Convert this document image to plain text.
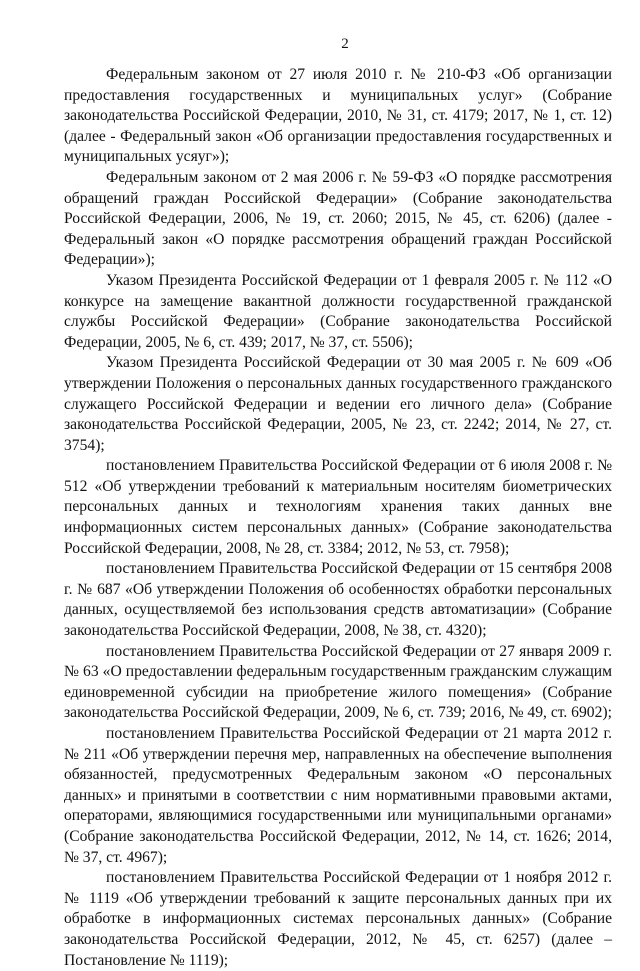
2

Федеральным законом от 27 июля 2010 г. № 210-ФЗ «Об организации предоставления государственных и муниципальных услуг» (Собрание законодательства Российской Федерации, 2010, № 31, ст. 4179; 2017, № 1, ст. 12) (далее - Федеральный закон «Об организации предоставления государственных и муниципальных усяуг»);

Федеральным законом от 2 мая 2006 г. № 59-ФЗ «О порядке рассмотрения обращений граждан Российской Федерации» (Собрание законодательства Российской Федерации, 2006, № 19, ст. 2060; 2015, № 45, ст. 6206) (далее - Федеральный закон «О порядке рассмотрения обращений граждан Российской Федерации»);

Указом Президента Российской Федерации от 1 февраля 2005 г. № 112 «О конкурсе на замещение вакантной должности государственной гражданской службы Российской Федерации» (Собрание законодательства Российской Федерации, 2005, № 6, ст. 439; 2017, № 37, ст. 5506);

Указом Президента Российской Федерации от 30 мая 2005 г. № 609 «Об утверждении Положения о персональных данных государственного гражданского служащего Российской Федерации и ведении его личного дела» (Собрание законодательства Российской Федерации, 2005, № 23, ст. 2242; 2014, № 27, ст. 3754);

постановлением Правительства Российской Федерации от 6 июля 2008 г. № 512 «Об утверждении требований к материальным носителям биометрических персональных данных и технологиям хранения таких данных вне информационных систем персональных данных» (Собрание законодательства Российской Федерации, 2008, № 28, ст. 3384; 2012, № 53, ст. 7958);

постановлением Правительства Российской Федерации от 15 сентября 2008 г. № 687 «Об утверждении Положения об особенностях обработки персональных данных, осуществляемой без использования средств автоматизации» (Собрание законодательства Российской Федерации, 2008, № 38, ст. 4320);

постановлением Правительства Российской Федерации от 27 января 2009 г. № 63 «О предоставлении федеральным государственным гражданским служащим единовременной субсидии на приобретение жилого помещения» (Собрание законодательства Российской Федерации, 2009, № 6, ст. 739; 2016, № 49, ст. 6902);

постановлением Правительства Российской Федерации от 21 марта 2012 г. № 211 «Об утверждении перечня мер, направленных на обеспечение выполнения обязанностей, предусмотренных Федеральным законом «О персональных данных» и принятыми в соответствии с ним нормативными правовыми актами, операторами, являющимися государственными или муниципальными органами» (Собрание законодательства Российской Федерации, 2012, № 14, ст. 1626; 2014, № 37, ст. 4967);

постановлением Правительства Российской Федерации от 1 ноября 2012 г. № 1119 «Об утверждении требований к защите персональных данных при их обработке в информационных системах персональных данных» (Собрание законодательства Российской Федерации, 2012, № 45, ст. 6257) (далее – Постановление № 1119);
